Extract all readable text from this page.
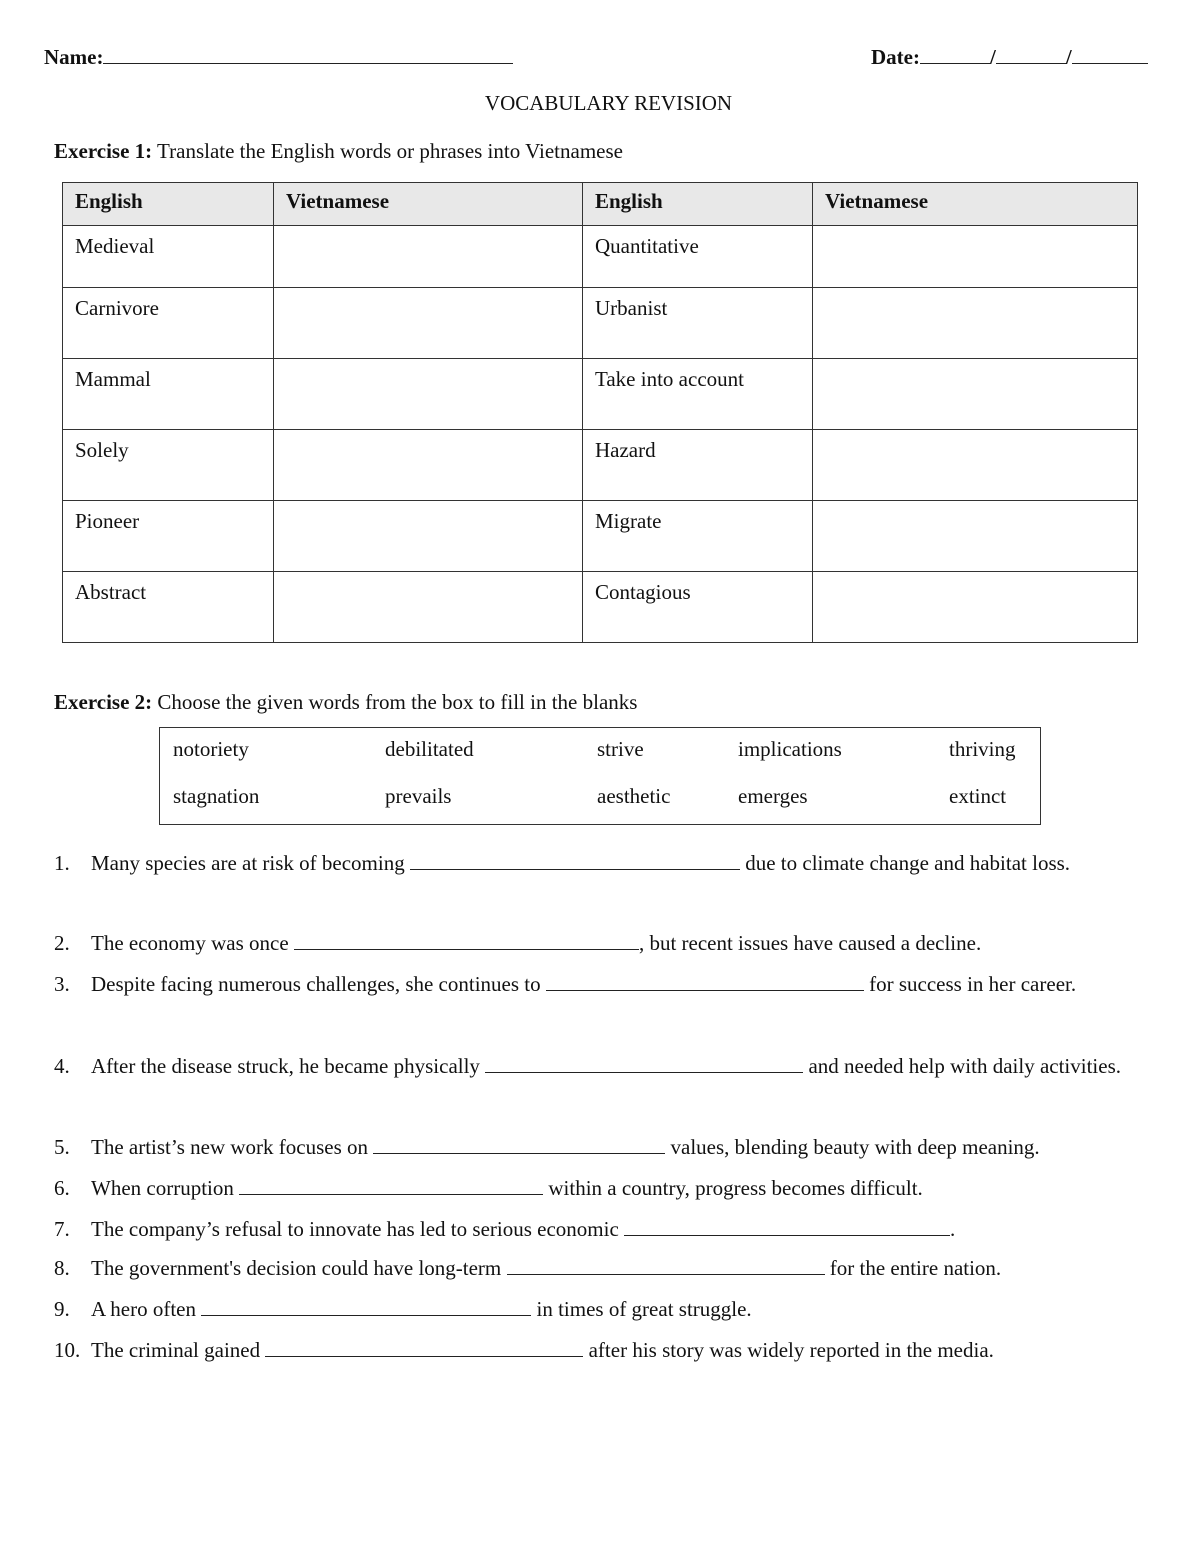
Name:	Date:	/	/
VOCABULARY REVISION
Exercise 1: Translate the English words or phrases into Vietnamese
English	Vietnamese	English	Vietnamese
Medieval		Quantitative	
Carnivore		Urbanist	
Mammal		Take into account	
Solely		Hazard	
Pioneer		Migrate	
Abstract		Contagious	
Exercise 2: Choose the given words from the box to fill in the blanks
notoriety	debilitated	strive	implications	thriving
stagnation	prevails	aesthetic	emerges	extinct
1. Many species are at risk of becoming	due to climate change and habitat loss.
2. The economy was once	, but recent issues have caused a decline.
3. Despite facing numerous challenges, she continues to	for success in her career.
4. After the disease struck, he became physically	and needed help with daily activities.
5. The artist’s new work focuses on	values, blending beauty with deep meaning.
6. When corruption	within a country, progress becomes difficult.
7. The company’s refusal to innovate has led to serious economic	.
8. The government's decision could have long-term	for the entire nation.
9. A hero often	in times of great struggle.
10. The criminal gained	after his story was widely reported in the media.
